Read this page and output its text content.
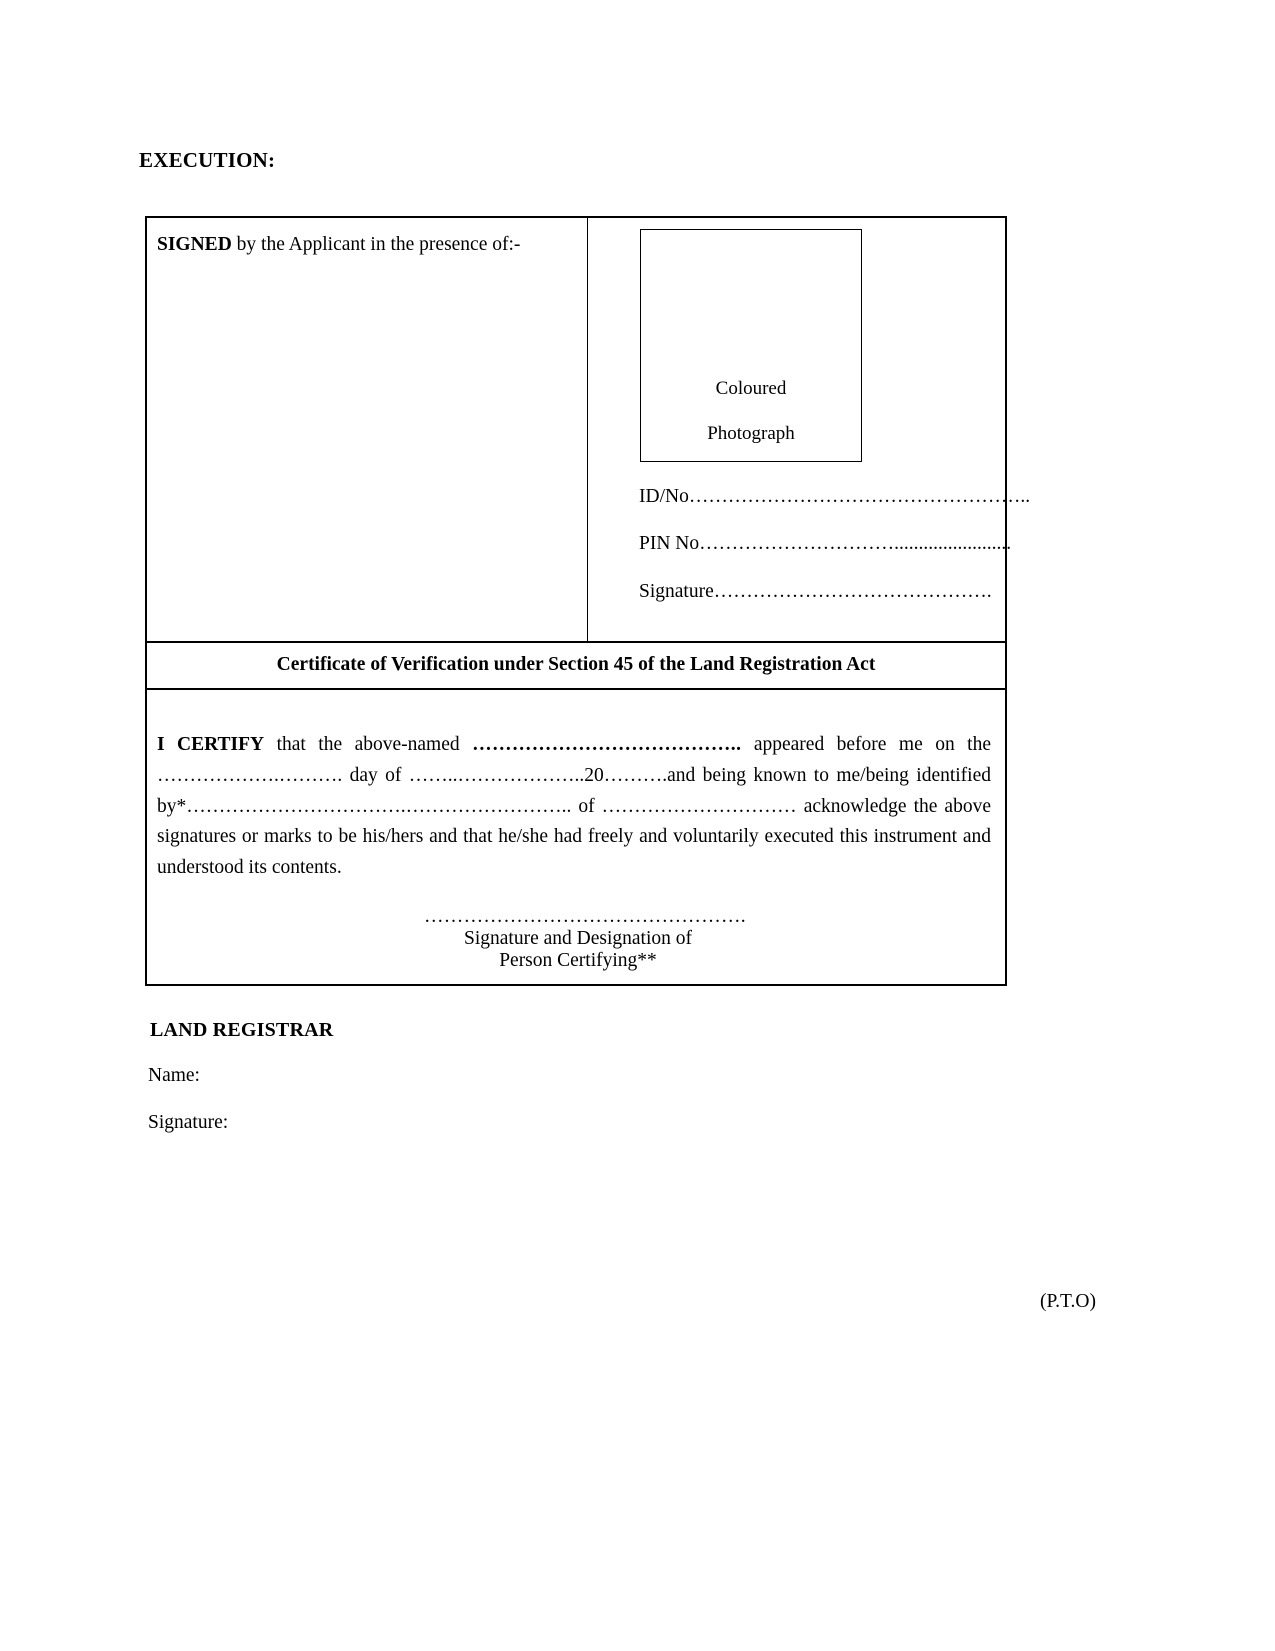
EXECUTION:
SIGNED by the Applicant in the presence of:-
Coloured
Photograph
ID/No……………………………………………..
PIN No…………………………........................
Signature…………………………………….
Certificate of Verification under Section 45 of the Land Registration Act
I CERTIFY that the above-named ………………………………….. appeared before me on the ……………….………. day of ……..………………..20……….and being known to me/being identified by*…………………………….…………………….. of ………………………… acknowledge the above signatures or marks to be his/hers and that he/she had freely and voluntarily executed this instrument and understood its contents.
………………………………………….
Signature and Designation of
Person Certifying**
LAND REGISTRAR
Name:
Signature:
(P.T.O)
